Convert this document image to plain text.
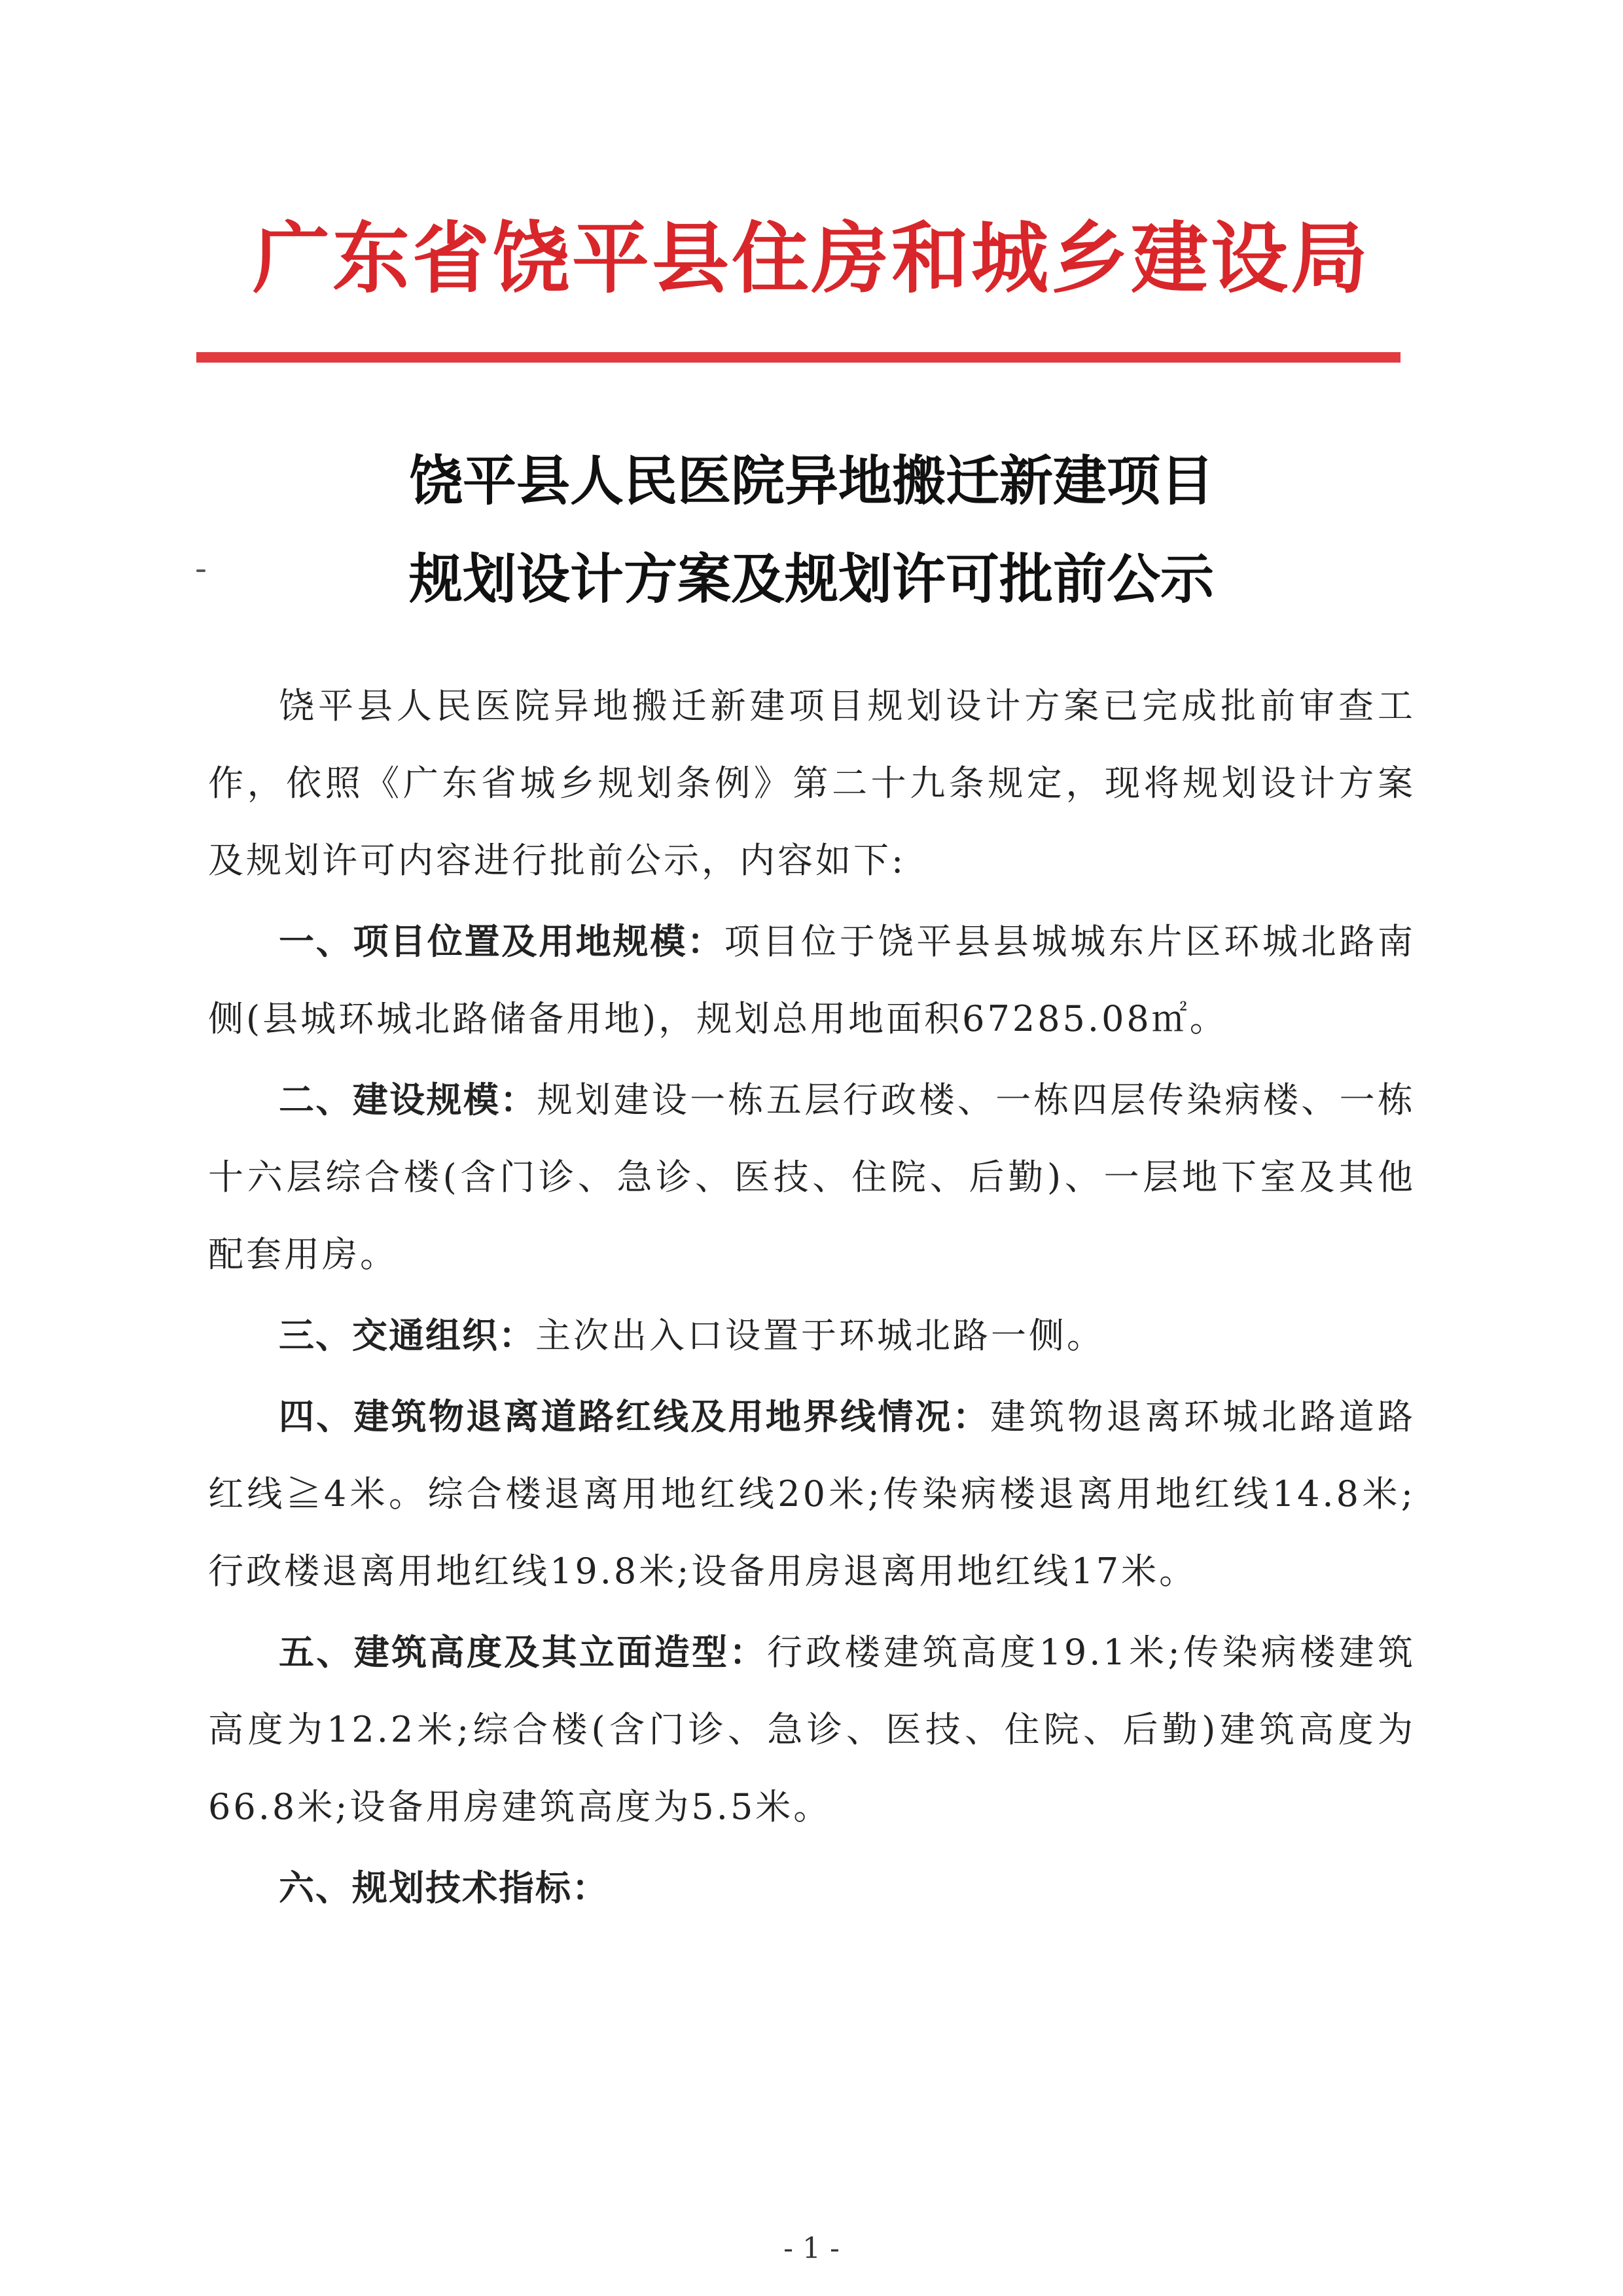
广东省饶平县住房和城乡建设局
饶平县人民医院异地搬迁新建项目
规划设计方案及规划许可批前公示

饶平县人民医院异地搬迁新建项目规划设计方案已完成批前审查工作，依照《广东省城乡规划条例》第二十九条规定，现将规划设计方案及规划许可内容进行批前公示，内容如下:

一、项目位置及用地规模：项目位于饶平县县城城东片区环城北路南侧(县城环城北路储备用地)，规划总用地面积67285.08㎡。

二、建设规模：规划建设一栋五层行政楼、一栋四层传染病楼、一栋十六层综合楼(含门诊、急诊、医技、住院、后勤)、一层地下室及其他配套用房。

三、交通组织：主次出入口设置于环城北路一侧。

四、建筑物退离道路红线及用地界线情况：建筑物退离环城北路道路红线≧4米。综合楼退离用地红线20米;传染病楼退离用地红线14.8米;行政楼退离用地红线19.8米;设备用房退离用地红线17米。

五、建筑高度及其立面造型：行政楼建筑高度19.1米;传染病楼建筑高度为12.2米;综合楼(含门诊、急诊、医技、住院、后勤)建筑高度为66.8米;设备用房建筑高度为5.5米。

六、规划技术指标：

- 1 -
